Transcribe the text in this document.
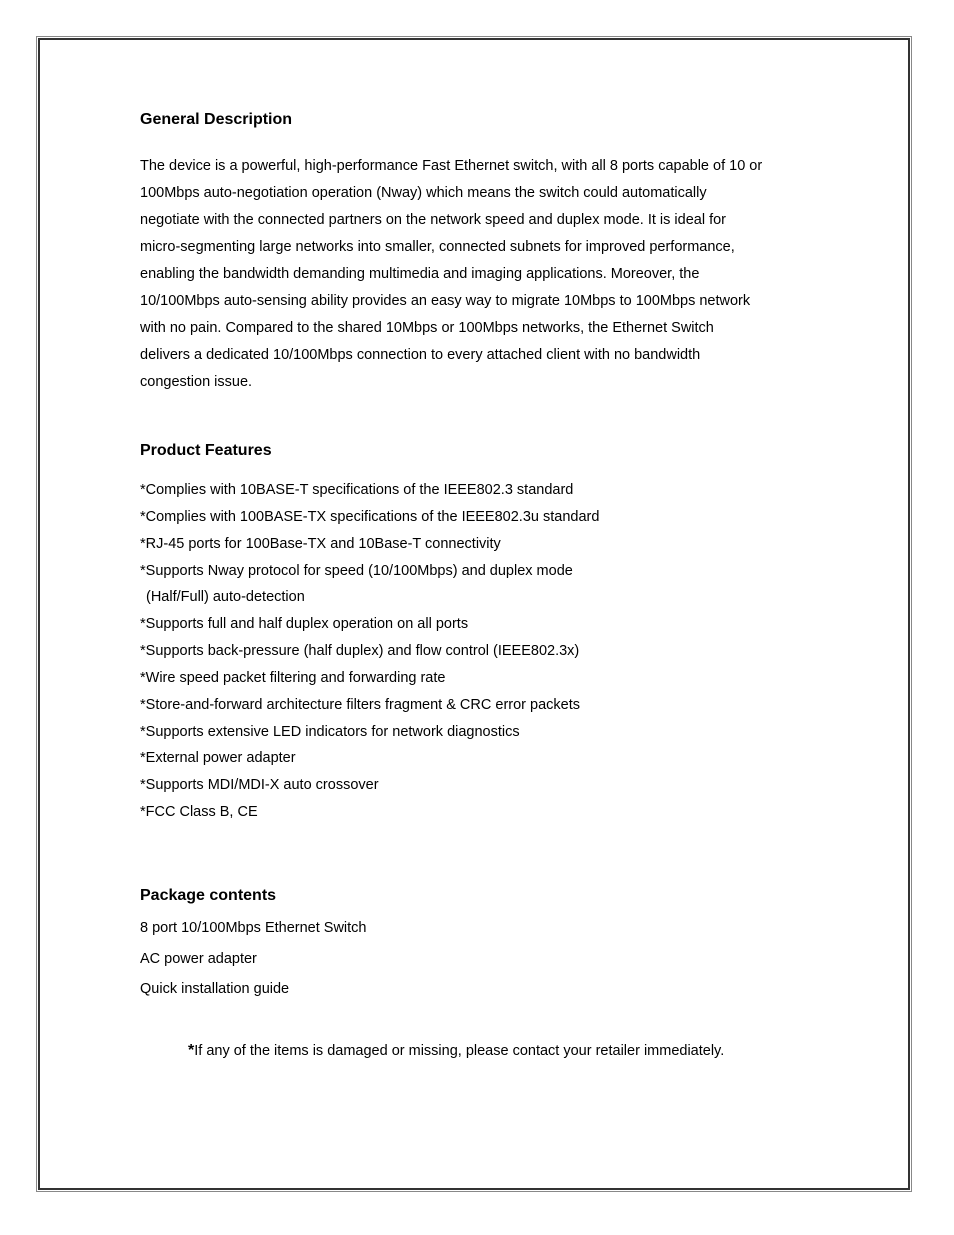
General Description

The device is a powerful, high-performance Fast Ethernet switch, with all 8 ports capable of 10 or
100Mbps auto-negotiation operation (Nway) which means the switch could automatically
negotiate with the connected partners on the network speed and duplex mode. It is ideal for
micro-segmenting large networks into smaller, connected subnets for improved performance,
enabling the bandwidth demanding multimedia and imaging applications. Moreover, the
10/100Mbps auto-sensing ability provides an easy way to migrate 10Mbps to 100Mbps network
with no pain. Compared to the shared 10Mbps or 100Mbps networks, the Ethernet Switch
delivers a dedicated 10/100Mbps connection to every attached client with no bandwidth
congestion issue.

Product Features
*Complies with 10BASE-T specifications of the IEEE802.3 standard
*Complies with 100BASE-TX specifications of the IEEE802.3u standard
*RJ-45 ports for 100Base-TX and 10Base-T connectivity
*Supports Nway protocol for speed (10/100Mbps) and duplex mode
(Half/Full) auto-detection
*Supports full and half duplex operation on all ports
*Supports back-pressure (half duplex) and flow control (IEEE802.3x)
*Wire speed packet filtering and forwarding rate
*Store-and-forward architecture filters fragment & CRC error packets
*Supports extensive LED indicators for network diagnostics
*External power adapter
*Supports MDI/MDI-X auto crossover
*FCC Class B, CE
Package contents
8 port 10/100Mbps Ethernet Switch
AC power adapter
Quick installation guide
*If any of the items is damaged or missing, please contact your retailer immediately.
